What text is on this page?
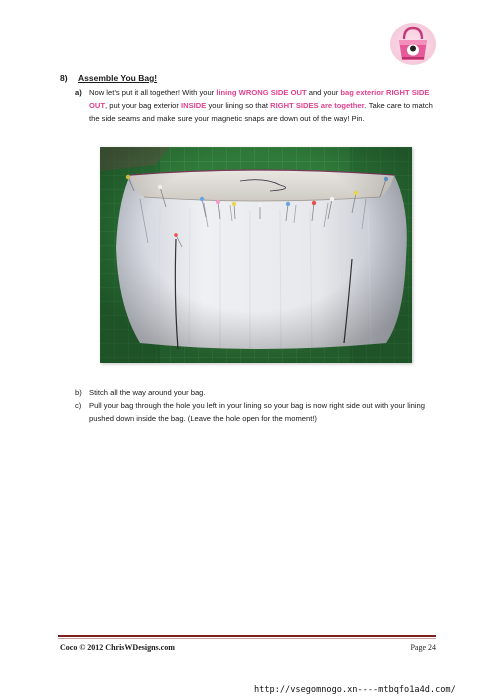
8) Assemble You Bag!
a) Now let’s put it all together! With your lining WRONG SIDE OUT and your bag exterior RIGHT SIDE OUT, put your bag exterior INSIDE your lining so that RIGHT SIDES are together. Take care to match the side seams and make sure your magnetic snaps are down out of the way! Pin.
b) Stitch all the way around your bag.
c) Pull your bag through the hole you left in your lining so your bag is now right side out with your lining pushed down inside the bag. (Leave the hole open for the moment!)
Coco © 2012 ChrisWDesigns.com	Page 24
http://vsegomnogo.xn----mtbqfo1a4d.com/
